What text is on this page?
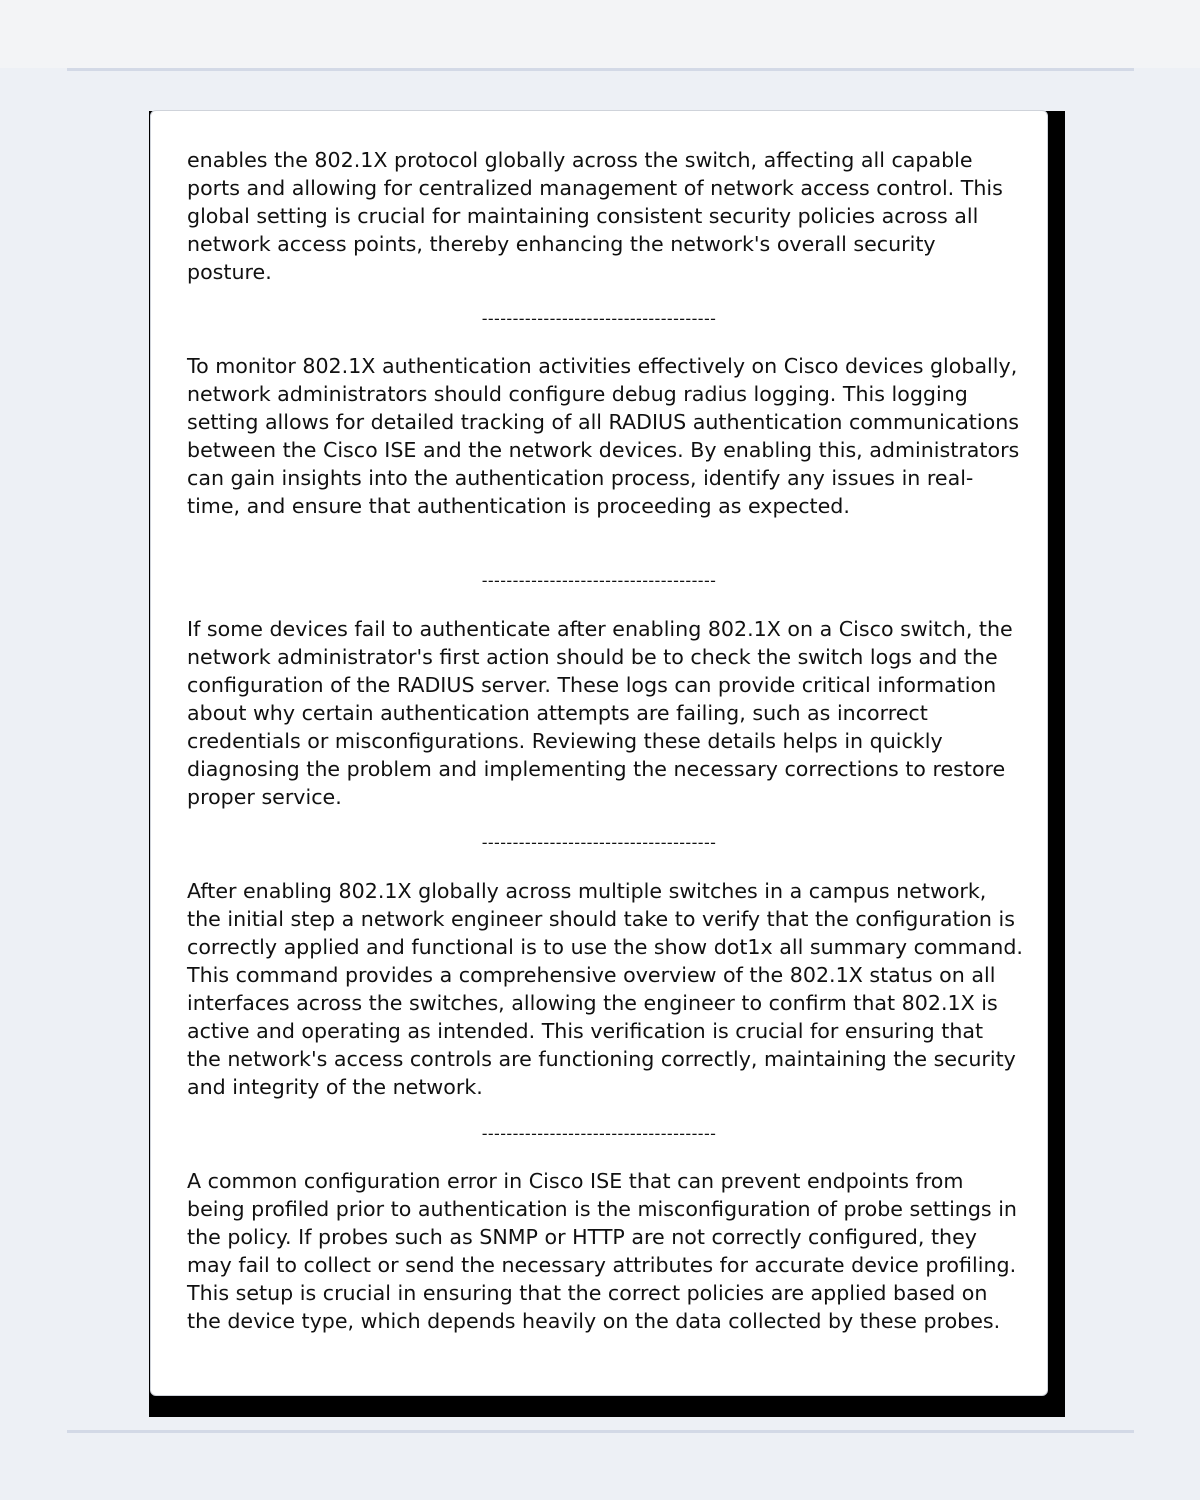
enables the 802.1X protocol globally across the switch, affecting all capable ports and allowing for centralized management of network access control. This global setting is crucial for maintaining consistent security policies across all network access points, thereby enhancing the network's overall security posture.

--------------------------------------

To monitor 802.1X authentication activities effectively on Cisco devices globally, network administrators should configure debug radius logging. This logging setting allows for detailed tracking of all RADIUS authentication communications between the Cisco ISE and the network devices. By enabling this, administrators can gain insights into the authentication process, identify any issues in real-time, and ensure that authentication is proceeding as expected.

--------------------------------------

If some devices fail to authenticate after enabling 802.1X on a Cisco switch, the network administrator's first action should be to check the switch logs and the configuration of the RADIUS server. These logs can provide critical information about why certain authentication attempts are failing, such as incorrect credentials or misconfigurations. Reviewing these details helps in quickly diagnosing the problem and implementing the necessary corrections to restore proper service.

--------------------------------------

After enabling 802.1X globally across multiple switches in a campus network, the initial step a network engineer should take to verify that the configuration is correctly applied and functional is to use the show dot1x all summary command. This command provides a comprehensive overview of the 802.1X status on all interfaces across the switches, allowing the engineer to confirm that 802.1X is active and operating as intended. This verification is crucial for ensuring that the network's access controls are functioning correctly, maintaining the security and integrity of the network.

--------------------------------------

A common configuration error in Cisco ISE that can prevent endpoints from being profiled prior to authentication is the misconfiguration of probe settings in the policy. If probes such as SNMP or HTTP are not correctly configured, they may fail to collect or send the necessary attributes for accurate device profiling. This setup is crucial in ensuring that the correct policies are applied based on the device type, which depends heavily on the data collected by these probes.
